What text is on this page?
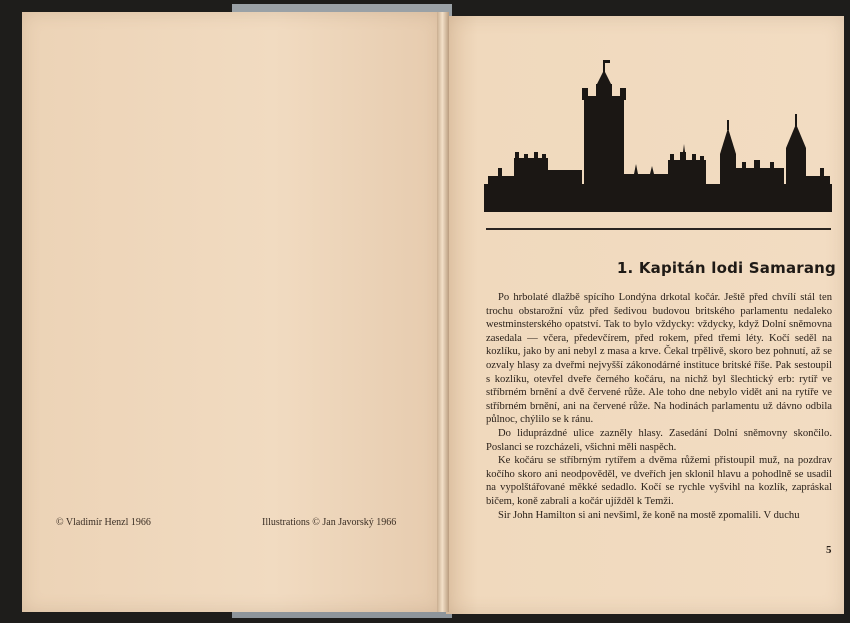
© Vladimír Henzl 1966	Illustrations © Jan Javorský 1966
1. Kapitán lodi Samarang

Po hrbolaté dlažbě spícího Londýna drkotal kočár. Ještě před chvílí stál ten trochu obstarožní vůz před šedivou budovou britského parlamentu nedaleko westminsterského opatství. Tak to bylo vždycky: vždycky, když Dolní sněmovna zasedala — včera, předevčírem, před rokem, před třemi léty. Kočí seděl na kozlíku, jako by ani nebyl z masa a krve. Čekal trpělivě, skoro bez pohnutí, až se ozvaly hlasy za dveřmi nejvyšší zákonodárné instituce britské říše. Pak sestoupil s kozlíku, otevřel dveře černého kočáru, na nichž byl šlechtický erb: rytíř ve stříbrném brnění a dvě červené růže. Ale toho dne nebylo vidět ani na rytíře ve stříbrném brnění, ani na červené růže. Na hodinách parlamentu už dávno odbila půlnoc, chýlilo se k ránu.

Do liduprázdné ulice zazněly hlasy. Zasedání Dolní sněmovny skončilo. Poslanci se rozcházeli, všichni měli naspěch.

Ke kočáru se stříbrným rytířem a dvěma růžemi přistoupil muž, na pozdrav kočího skoro ani neodpověděl, ve dveřích jen sklonil hlavu a pohodlně se usadil na vypolštářované měkké sedadlo. Kočí se rychle vyšvihl na kozlík, zapráskal bičem, koně zabrali a kočár ujížděl k Temži.

Sir John Hamilton si ani nevšiml, že koně na mostě zpomalili. V duchu

5
